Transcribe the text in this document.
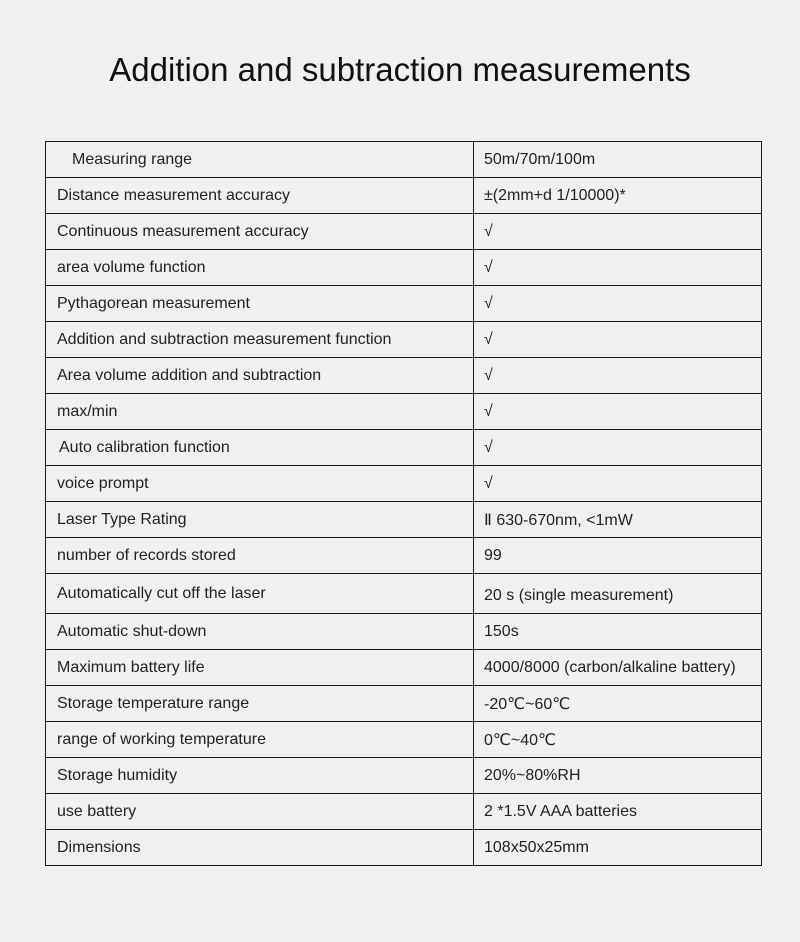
Addition and subtraction measurements
Measuring range	50m/70m/100m
Distance measurement accuracy	±(2mm+d 1/10000)*
Continuous measurement accuracy	√
area volume function	√
Pythagorean measurement	√
Addition and subtraction measurement function	√
Area volume addition and subtraction	√
max/min	√
Auto calibration function	√
voice prompt	√
Laser Type Rating	Ⅱ 630-670nm, <1mW
number of records stored	99
Automatically cut off the laser	20 s (single measurement)
Automatic shut-down	150s
Maximum battery life	4000/8000 (carbon/alkaline battery)
Storage temperature range	-20℃~60℃
range of working temperature	0℃~40℃
Storage humidity	20%~80%RH
use battery	2 *1.5V AAA batteries
Dimensions	108x50x25mm
